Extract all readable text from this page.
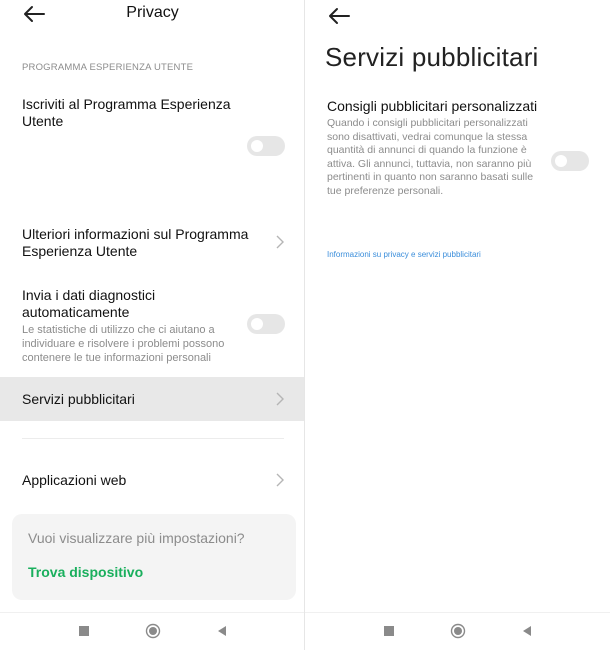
Privacy
PROGRAMMA ESPERIENZA UTENTE
Iscriviti al Programma Esperienza Utente
Ulteriori informazioni sul Programma Esperienza Utente
Invia i dati diagnostici automaticamente
Le statistiche di utilizzo che ci aiutano a individuare e risolvere i problemi possono contenere le tue informazioni personali
Servizi pubblicitari
Applicazioni web
Vuoi visualizzare più impostazioni?
Trova dispositivo
Servizi pubblicitari
Consigli pubblicitari personalizzati
Quando i consigli pubblicitari personalizzati sono disattivati, vedrai comunque la stessa quantità di annunci di quando la funzione è attiva. Gli annunci, tuttavia, non saranno più pertinenti in quanto non saranno basati sulle tue preferenze personali.
Informazioni su privacy e servizi pubblicitari
